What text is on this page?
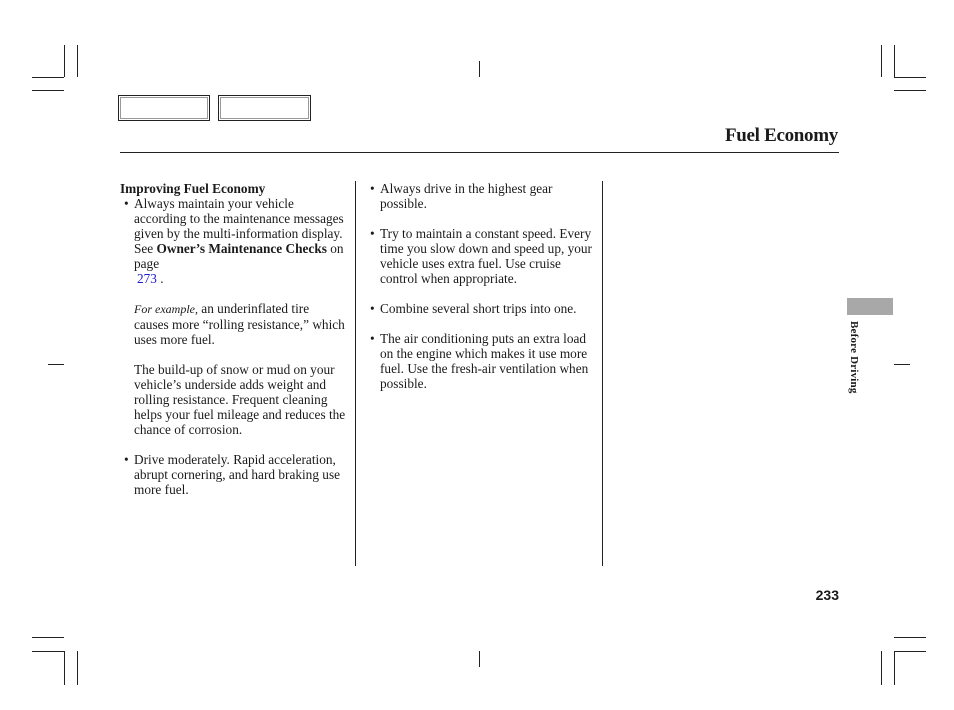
Fuel Economy

Improving Fuel Economy

• Always maintain your vehicle according to the maintenance messages given by the multi-information display. See Owner’s Maintenance Checks on page
273 .

For example, an underinflated tire causes more “rolling resistance,” which uses more fuel.

The build-up of snow or mud on your vehicle’s underside adds weight and rolling resistance. Frequent cleaning helps your fuel mileage and reduces the chance of corrosion.

• Drive moderately. Rapid acceleration, abrupt cornering, and hard braking use more fuel.

• Always drive in the highest gear possible.

• Try to maintain a constant speed. Every time you slow down and speed up, your vehicle uses extra fuel. Use cruise control when appropriate.

• Combine several short trips into one.

• The air conditioning puts an extra load on the engine which makes it use more fuel. Use the fresh-air ventilation when possible.	Before Driving
233
